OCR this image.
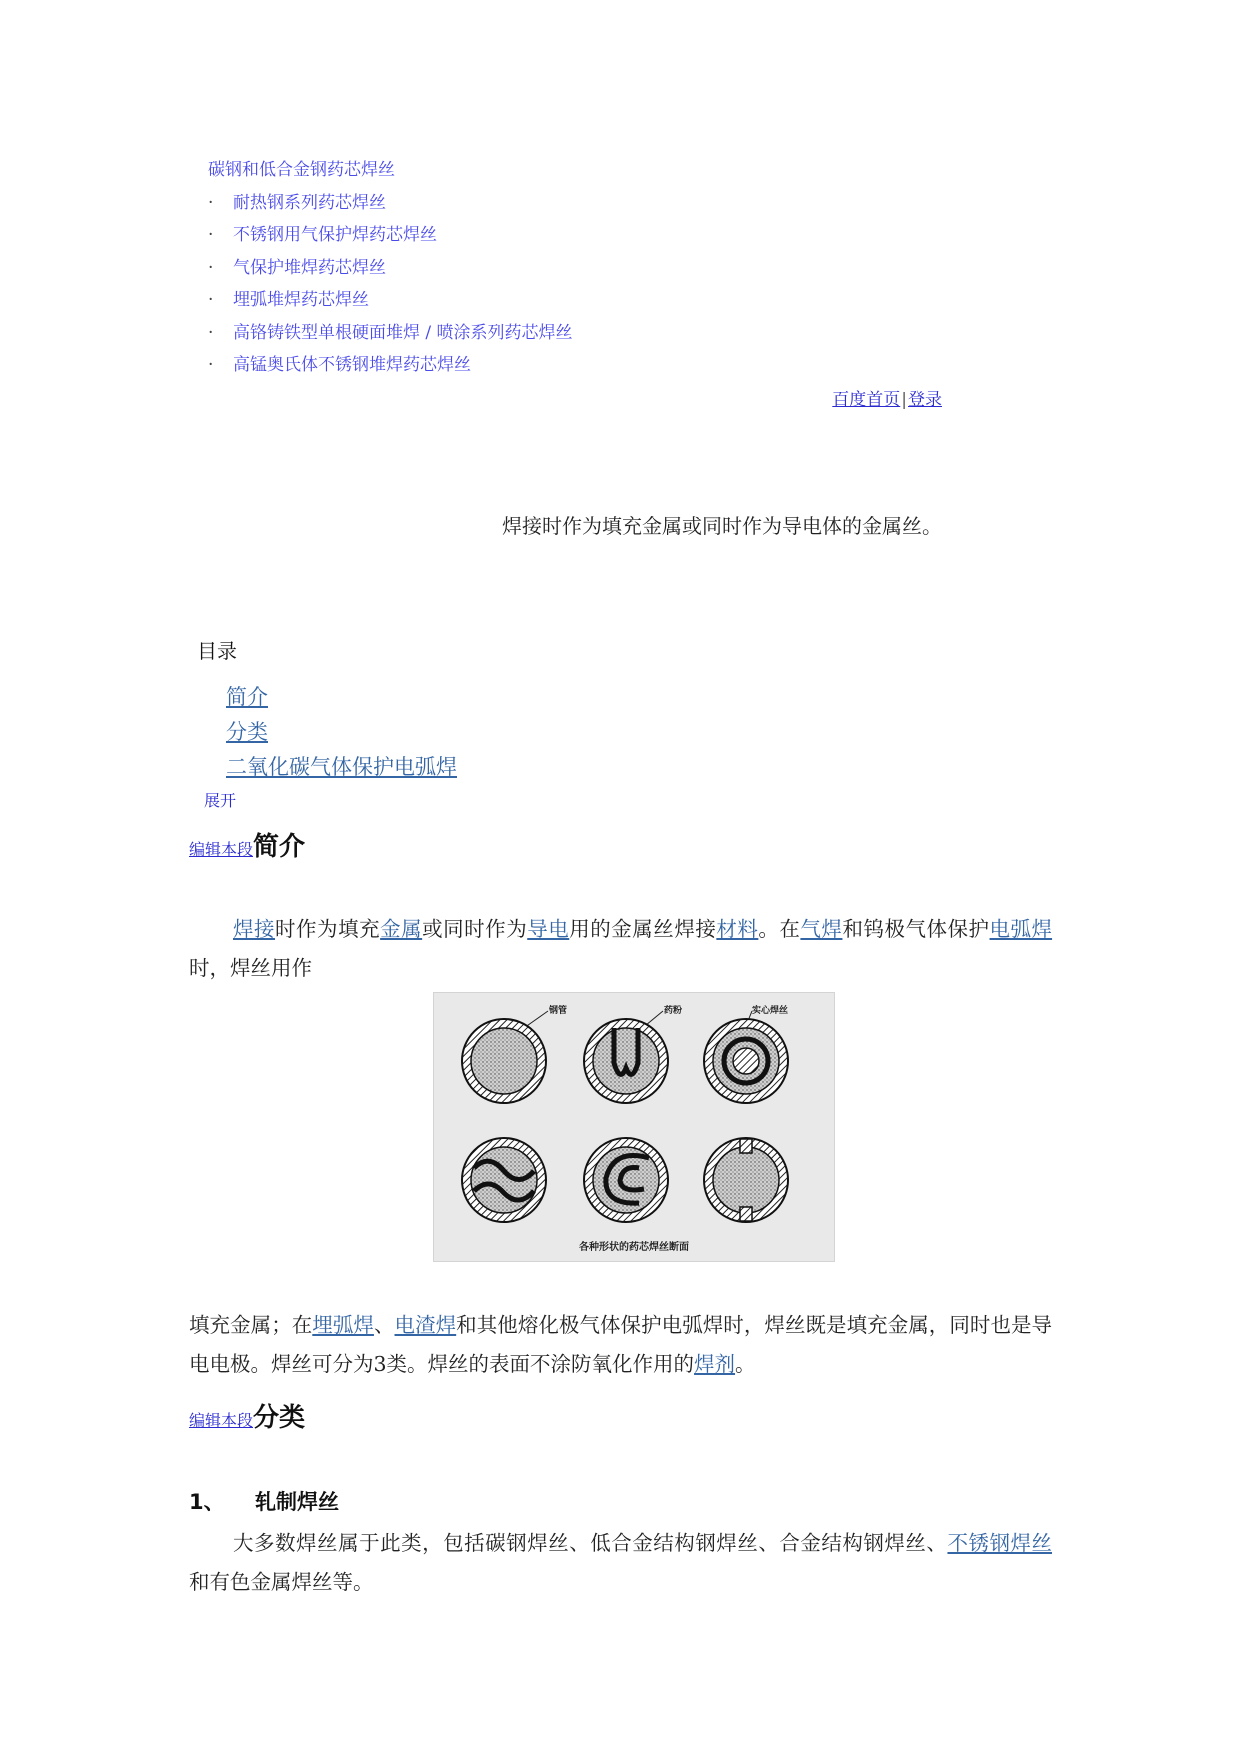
碳钢和低合金钢药芯焊丝
· 耐热钢系列药芯焊丝
· 不锈钢用气保护焊药芯焊丝
· 气保护堆焊药芯焊丝
· 埋弧堆焊药芯焊丝
· 高铬铸铁型单根硬面堆焊 / 喷涂系列药芯焊丝
· 高锰奥氏体不锈钢堆焊药芯焊丝
百度首页|登录
焊接时作为填充金属或同时作为导电体的金属丝。
目录
简介
分类
二氧化碳气体保护电弧焊
展开
编辑本段简介
焊接时作为填充金属或同时作为导电用的金属丝焊接材料。在气焊和钨极气体保护电弧焊时，焊丝用作
钢管	药粉	实心焊丝
各种形状的药芯焊丝断面
填充金属；在埋弧焊、电渣焊和其他熔化极气体保护电弧焊时，焊丝既是填充金属，同时也是导电电极。焊丝可分为3类。焊丝的表面不涂防氧化作用的焊剂。
编辑本段分类
1、 轧制焊丝
大多数焊丝属于此类，包括碳钢焊丝、低合金结构钢焊丝、合金结构钢焊丝、不锈钢焊丝和有色金属焊丝等。
